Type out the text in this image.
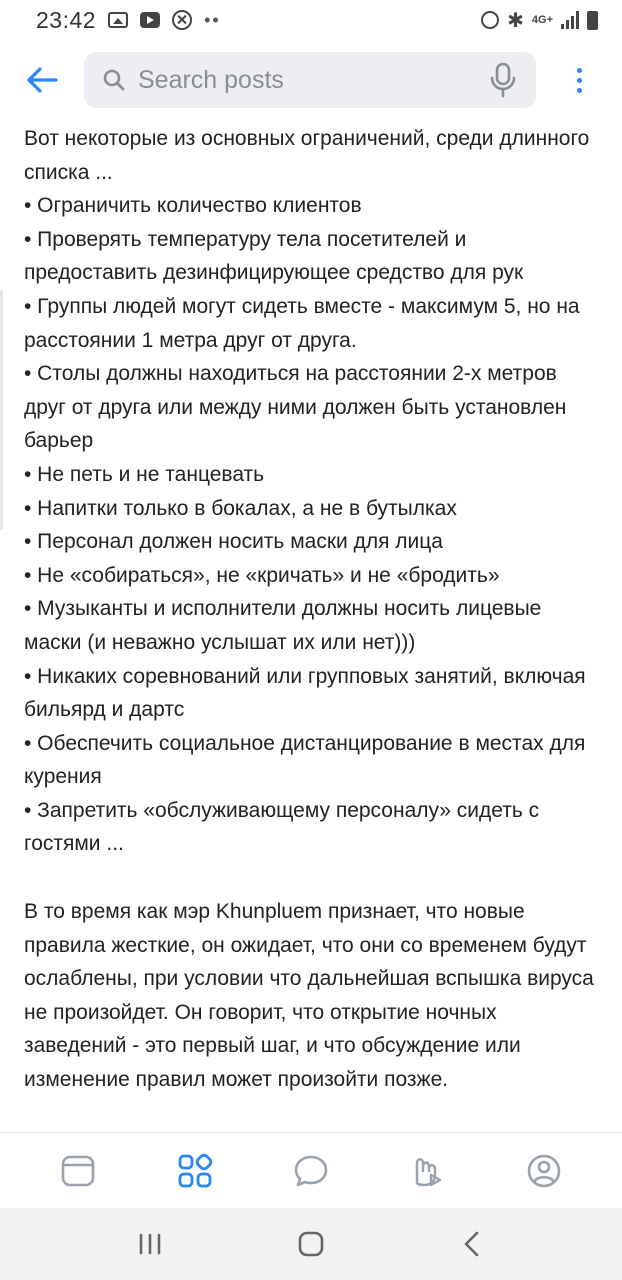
23:42	••	✱ 4G+
Search posts

Вот некоторые из основных ограничений, среди длинного списка ...

• Ограничить количество клиентов

• Проверять температуру тела посетителей и предоставить дезинфицирующее средство для рук

• Группы людей могут сидеть вместе - максимум 5, но на расстоянии 1 метра друг от друга.

• Столы должны находиться на расстоянии 2-х метров друг от друга или между ними должен быть установлен барьер

• Не петь и не танцевать

• Напитки только в бокалах, а не в бутылках

• Персонал должен носить маски для лица

• Не «собираться», не «кричать» и не «бродить»

• Музыканты и исполнители должны носить лицевые маски (и неважно услышат их или нет)))

• Никаких соревнований или групповых занятий, включая бильярд и дартс

• Обеспечить социальное дистанцирование в местах для курения

• Запретить «обслуживающему персоналу» сидеть с гостями ...

В то время как мэр Khunpluem признает, что новые правила жесткие, он ожидает, что они со временем будут ослаблены, при условии что дальнейшая вспышка вируса не произойдет. Он говорит, что открытие ночных заведений - это первый шаг, и что обсуждение или изменение правил может произойти позже.
